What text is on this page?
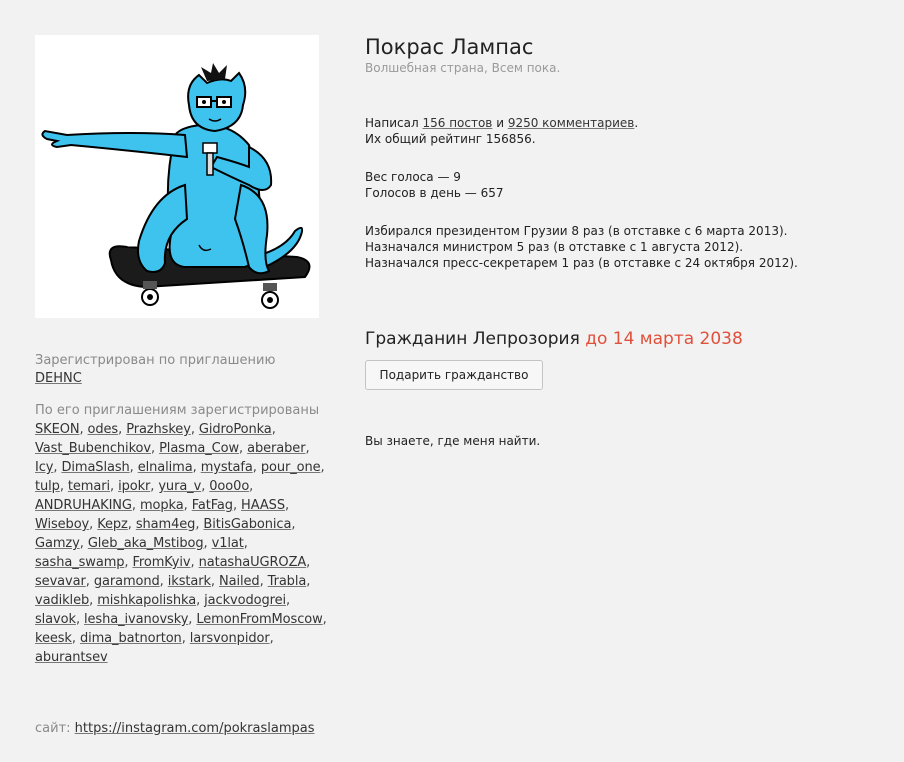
Зарегистрирован по приглашению
DEHNC
По его приглашениям зарегистрированы
SKEON, odes, Prazhskey, GidroPonka, Vast_Bubenchikov, Plasma_Cow, aberaber, Icy, DimaSlash, elnalima, mystafa, pour_one, tulp, temari, ipokr, yura_v, 0oo0o, ANDRUHAKING, mopka, FatFag, HAASS, Wiseboy, Kepz, sham4eg, BitisGabonica, Gamzy, Gleb_aka_Mstibog, v1lat, sasha_swamp, FromKyiv, natashaUGROZA, sevavar, garamond, ikstark, Nailed, Trabla, vadikleb, mishkapolishka, jackvodogrei, slavok, lesha_ivanovsky, LemonFromMoscow, keesk, dima_batnorton, larsvonpidor, aburantsev
сайт: https://instagram.com/pokraslampas
Покрас Лампас
Волшебная страна, Всем пока.

Написал 156 постов и 9250 комментариев.

Их общий рейтинг 156856.

Вес голоса — 9

Голосов в день — 657

Избирался президентом Грузии 8 раз (в отставке с 6 марта 2013).

Назначался министром 5 раз (в отставке с 1 августа 2012).

Назначался пресс-секретарем 1 раз (в отставке с 24 октября 2012).

Гражданин Лепрозория до 14 марта 2038
Подарить гражданство
Вы знаете, где меня найти.
